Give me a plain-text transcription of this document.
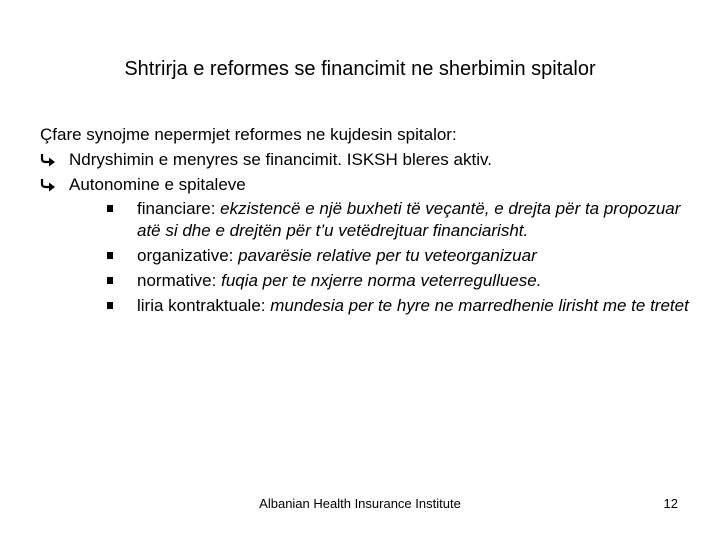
Shtrirja e reformes se financimit ne sherbimin spitalor
Çfare synojme nepermjet reformes ne kujdesin spitalor:
Ndryshimin e menyres se financimit. ISKSH bleres aktiv.
Autonomine e spitaleve
financiare: ekzistencë e një buxheti të veçantë, e drejta për ta propozuar atë si dhe e drejtën për t’u vetëdrejtuar financiarisht.
organizative: pavarësie relative per tu veteorganizuar
normative: fuqia per te nxjerre norma veterregulluese.
liria kontraktuale: mundesia per te hyre ne marredhenie lirisht me te tretet
Albanian Health Insurance Institute	12
